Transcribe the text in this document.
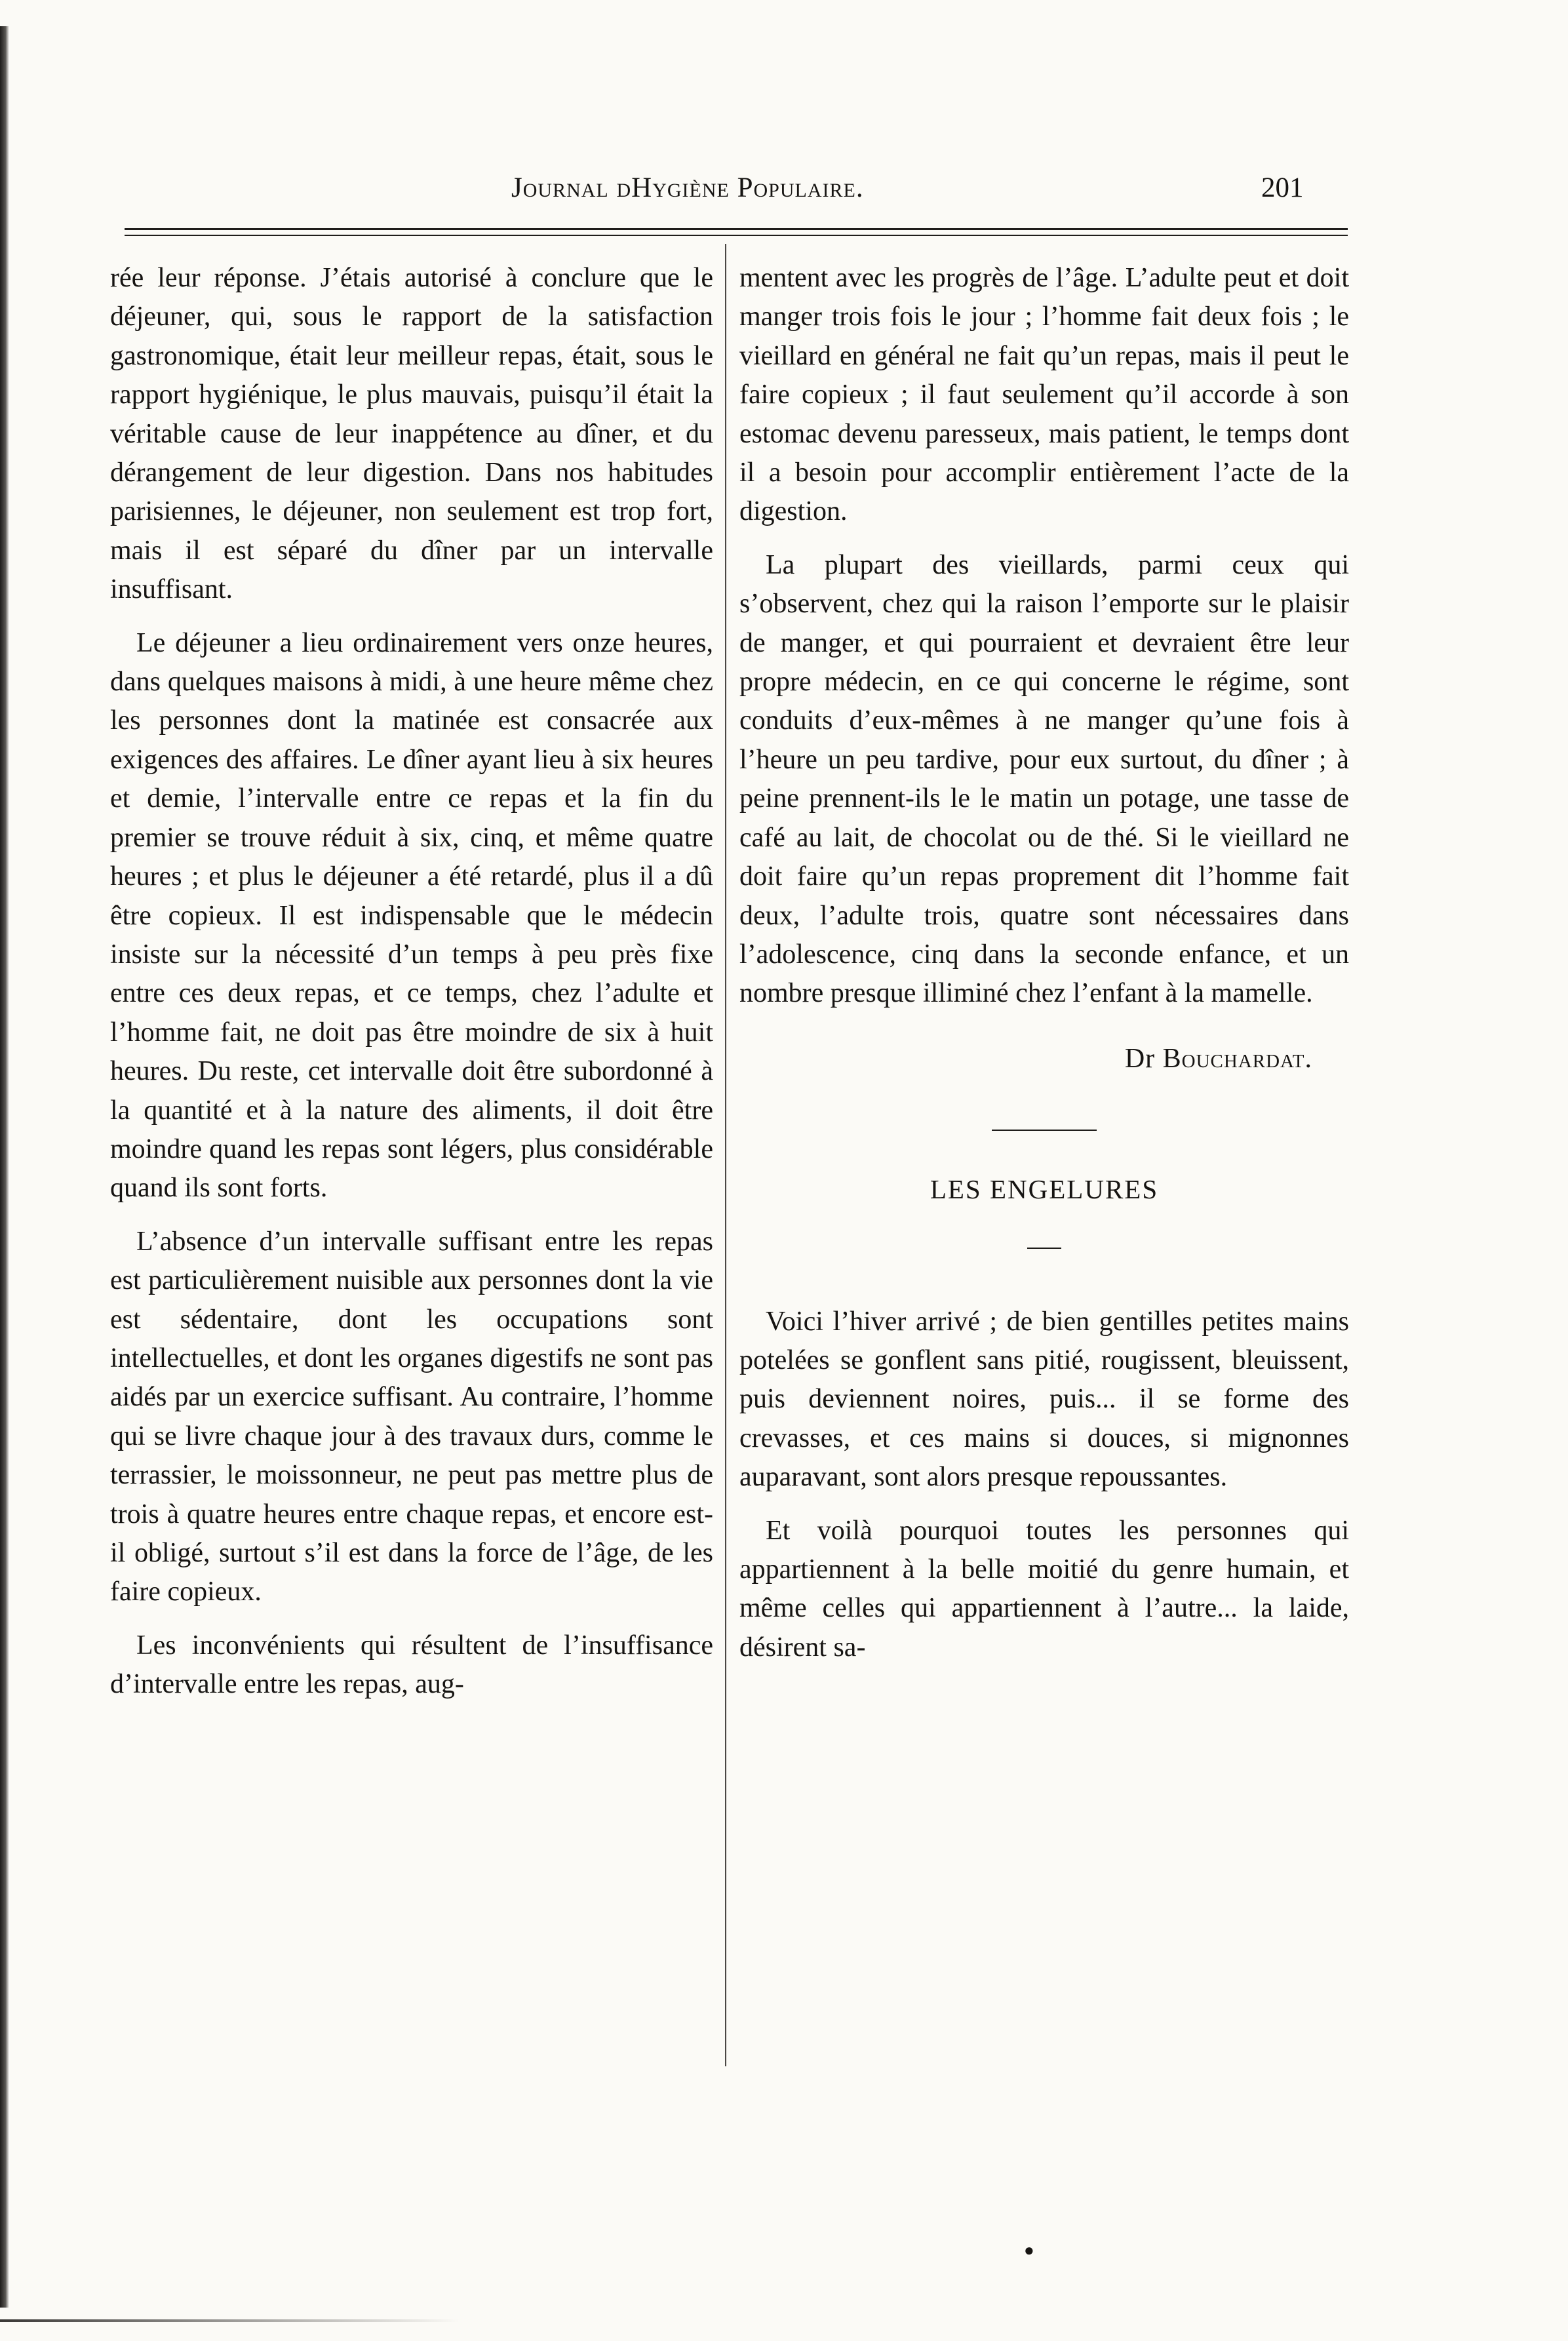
Journal dHygiène Populaire.	201

rée leur réponse. J’étais autorisé à conclure que le déjeuner, qui, sous le rapport de la satisfaction gastronomique, était leur meilleur repas, était, sous le rapport hygiénique, le plus mauvais, puisqu’il était la véritable cause de leur inappétence au dîner, et du dérangement de leur digestion. Dans nos habitudes parisiennes, le déjeuner, non seulement est trop fort, mais il est séparé du dîner par un intervalle insuffisant.

Le déjeuner a lieu ordinairement vers onze heures, dans quelques maisons à midi, à une heure même chez les personnes dont la matinée est consacrée aux exigences des affaires. Le dîner ayant lieu à six heures et demie, l’intervalle entre ce repas et la fin du premier se trouve réduit à six, cinq, et même quatre heures ; et plus le déjeuner a été retardé, plus il a dû être copieux. Il est indispensable que le médecin insiste sur la nécessité d’un temps à peu près fixe entre ces deux repas, et ce temps, chez l’adulte et l’homme fait, ne doit pas être moindre de six à huit heures. Du reste, cet intervalle doit être subordonné à la quantité et à la nature des aliments, il doit être moindre quand les repas sont légers, plus considérable quand ils sont forts.

L’absence d’un intervalle suffisant entre les repas est particulièrement nuisible aux personnes dont la vie est sédentaire, dont les occupations sont intellectuelles, et dont les organes digestifs ne sont pas aidés par un exercice suffisant. Au contraire, l’homme qui se livre chaque jour à des travaux durs, comme le terrassier, le moissonneur, ne peut pas mettre plus de trois à quatre heures entre chaque repas, et encore est-il obligé, surtout s’il est dans la force de l’âge, de les faire copieux.

Les inconvénients qui résultent de l’insuffisance d’intervalle entre les repas, aug-

mentent avec les progrès de l’âge. L’adulte peut et doit manger trois fois le jour ; l’homme fait deux fois ; le vieillard en général ne fait qu’un repas, mais il peut le faire copieux ; il faut seulement qu’il accorde à son estomac devenu paresseux, mais patient, le temps dont il a besoin pour accomplir entièrement l’acte de la digestion.

La plupart des vieillards, parmi ceux qui s’observent, chez qui la raison l’emporte sur le plaisir de manger, et qui pourraient et devraient être leur propre médecin, en ce qui concerne le régime, sont conduits d’eux-mêmes à ne manger qu’une fois à l’heure un peu tardive, pour eux surtout, du dîner ; à peine prennent-ils le le matin un potage, une tasse de café au lait, de chocolat ou de thé. Si le vieillard ne doit faire qu’un repas proprement dit l’homme fait deux, l’adulte trois, quatre sont nécessaires dans l’adolescence, cinq dans la seconde enfance, et un nombre presque illiminé chez l’enfant à la mamelle.

Dr Bouchardat.

LES ENGELURES

Voici l’hiver arrivé ; de bien gentilles petites mains potelées se gonflent sans pitié, rougissent, bleuissent, puis deviennent noires, puis... il se forme des crevasses, et ces mains si douces, si mignonnes auparavant, sont alors presque repoussantes.

Et voilà pourquoi toutes les personnes qui appartiennent à la belle moitié du genre humain, et même celles qui appartiennent à l’autre... la laide, désirent sa-

●
